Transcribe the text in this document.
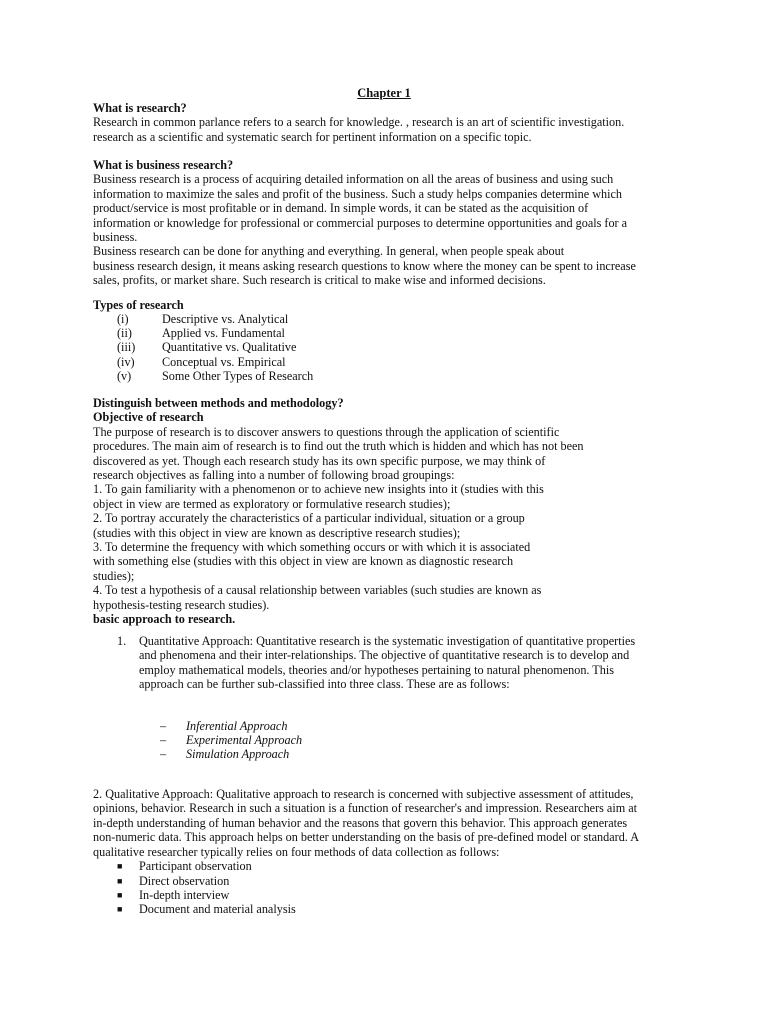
Chapter 1
What is research?
Research in common parlance refers to a search for knowledge. , research is an art of scientific investigation.
research as a scientific and systematic search for pertinent information on a specific topic.
What is business research?
Business research is a process of acquiring detailed information on all the areas of business and using such
information to maximize the sales and profit of the business. Such a study helps companies determine which
product/service is most profitable or in demand. In simple words, it can be stated as the acquisition of
information or knowledge for professional or commercial purposes to determine opportunities and goals for a
business.
Business research can be done for anything and everything. In general, when people speak about
business research design, it means asking research questions to know where the money can be spent to increase
sales, profits, or market share. Such research is critical to make wise and informed decisions.
Types of research
(i)	Descriptive vs. Analytical
(ii) Applied vs. Fundamental
(iii) Quantitative vs. Qualitative
(iv) Conceptual vs. Empirical
(v)	Some Other Types of Research
Distinguish between methods and methodology?
Objective of research
The purpose of research is to discover answers to questions through the application of scientific
procedures. The main aim of research is to find out the truth which is hidden and which has not been
discovered as yet. Though each research study has its own specific purpose, we may think of
research objectives as falling into a number of following broad groupings:
1. To gain familiarity with a phenomenon or to achieve new insights into it (studies with this
object in view are termed as exploratory or formulative research studies);
2. To portray accurately the characteristics of a particular individual, situation or a group
(studies with this object in view are known as descriptive research studies);
3. To determine the frequency with which something occurs or with which it is associated
with something else (studies with this object in view are known as diagnostic research
studies);
4. To test a hypothesis of a causal relationship between variables (such studies are known as
hypothesis-testing research studies).
basic approach to research.
1. Quantitative Approach: Quantitative research is the systematic investigation of quantitative properties
and phenomena and their inter-relationships. The objective of quantitative research is to develop and
employ mathematical models, theories and/or hypotheses pertaining to natural phenomenon. This
approach can be further sub-classified into three class. These are as follows:
– Inferential Approach
– Experimental Approach
– Simulation Approach
2. Qualitative Approach: Qualitative approach to research is concerned with subjective assessment of attitudes,
opinions, behavior. Research in such a situation is a function of researcher's and impression. Researchers aim at
in-depth understanding of human behavior and the reasons that govern this behavior. This approach generates
non-numeric data. This approach helps on better understanding on the basis of pre-defined model or standard. A
qualitative researcher typically relies on four methods of data collection as follows:
■ Participant observation
■ Direct observation
■ In-depth interview
■ Document and material analysis
